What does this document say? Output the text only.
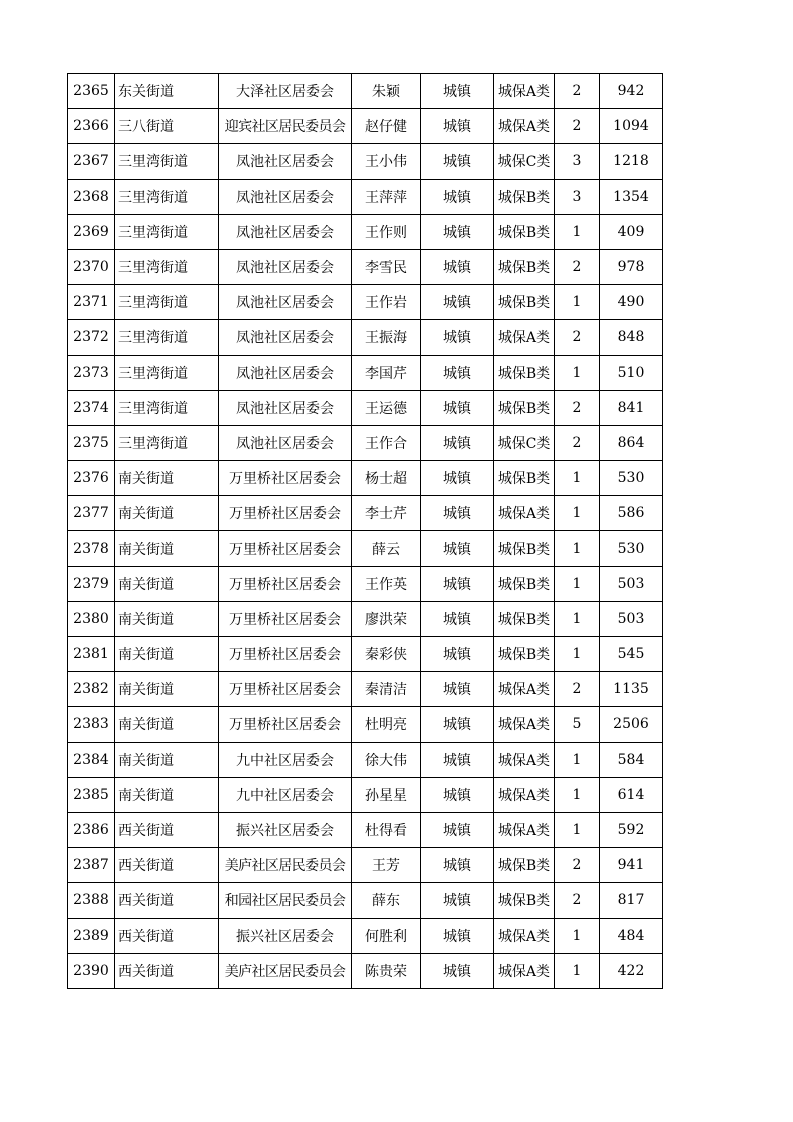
2365	东关街道	大泽社区居委会	朱颖	城镇	城保A类	2	942
2366	三八街道	迎宾社区居民委员会	赵仔健	城镇	城保A类	2	1094
2367	三里湾街道	凤池社区居委会	王小伟	城镇	城保C类	3	1218
2368	三里湾街道	凤池社区居委会	王萍萍	城镇	城保B类	3	1354
2369	三里湾街道	凤池社区居委会	王作则	城镇	城保B类	1	409
2370	三里湾街道	凤池社区居委会	李雪民	城镇	城保B类	2	978
2371	三里湾街道	凤池社区居委会	王作岩	城镇	城保B类	1	490
2372	三里湾街道	凤池社区居委会	王振海	城镇	城保A类	2	848
2373	三里湾街道	凤池社区居委会	李国芹	城镇	城保B类	1	510
2374	三里湾街道	凤池社区居委会	王运德	城镇	城保B类	2	841
2375	三里湾街道	凤池社区居委会	王作合	城镇	城保C类	2	864
2376	南关街道	万里桥社区居委会	杨士超	城镇	城保B类	1	530
2377	南关街道	万里桥社区居委会	李士芹	城镇	城保A类	1	586
2378	南关街道	万里桥社区居委会	薛云	城镇	城保B类	1	530
2379	南关街道	万里桥社区居委会	王作英	城镇	城保B类	1	503
2380	南关街道	万里桥社区居委会	廖洪荣	城镇	城保B类	1	503
2381	南关街道	万里桥社区居委会	秦彩侠	城镇	城保B类	1	545
2382	南关街道	万里桥社区居委会	秦清洁	城镇	城保A类	2	1135
2383	南关街道	万里桥社区居委会	杜明亮	城镇	城保A类	5	2506
2384	南关街道	九中社区居委会	徐大伟	城镇	城保A类	1	584
2385	南关街道	九中社区居委会	孙星星	城镇	城保A类	1	614
2386	西关街道	振兴社区居委会	杜得看	城镇	城保A类	1	592
2387	西关街道	美庐社区居民委员会	王芳	城镇	城保B类	2	941
2388	西关街道	和园社区居民委员会	薛东	城镇	城保B类	2	817
2389	西关街道	振兴社区居委会	何胜利	城镇	城保A类	1	484
2390	西关街道	美庐社区居民委员会	陈贵荣	城镇	城保A类	1	422
